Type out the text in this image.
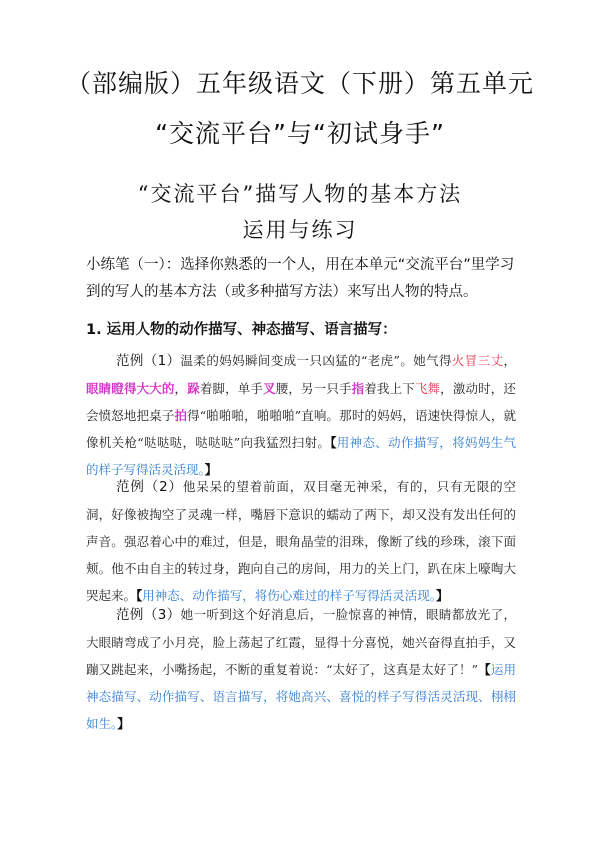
（部编版）五年级语文（下册）第五单元
“交流平台”与“初试身手”
“交流平台”描写人物的基本方法
运用与练习
小练笔（一）：选择你熟悉的一个人，用在本单元“交流平台”里学习到的写人的基本方法（或多种描写方法）来写出人物的特点。
1. 运用人物的动作描写、神态描写、语言描写：
范例（1）温柔的妈妈瞬间变成一只凶猛的“老虎”。她气得火冒三丈，眼睛瞪得大大的，跺着脚，单手叉腰，另一只手指着我上下飞舞，激动时，还会愤怒地把桌子拍得“啪啪啪，啪啪啪”直响。那时的妈妈，语速快得惊人，就像机关枪“哒哒哒，哒哒哒”向我猛烈扫射。【用神态、动作描写，将妈妈生气的样子写得活灵活现。】
范例（2）他呆呆的望着前面，双目毫无神采，有的，只有无限的空洞，好像被掏空了灵魂一样，嘴唇下意识的蠕动了两下，却又没有发出任何的声音。强忍着心中的难过，但是，眼角晶莹的泪珠，像断了线的珍珠，滚下面颊。他不由自主的转过身，跑向自己的房间，用力的关上门，趴在床上嚎啕大哭起来。【用神态、动作描写，将伤心难过的样子写得活灵活现。】
范例（3）她一听到这个好消息后，一脸惊喜的神情，眼睛都放光了，大眼睛弯成了小月亮，脸上荡起了红霞，显得十分喜悦，她兴奋得直拍手，又蹦又跳起来，小嘴扬起，不断的重复着说：“太好了，这真是太好了！”【运用神态描写、动作描写、语言描写，将她高兴、喜悦的样子写得活灵活现、栩栩如生。】
